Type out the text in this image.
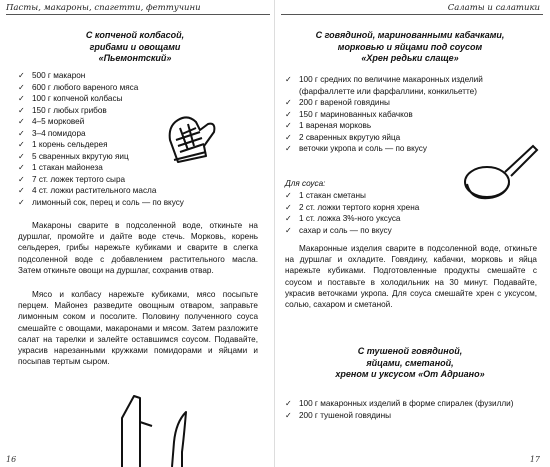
Пасты, макароны, спагетти, феттучини
С копченой колбасой,
грибами и овощами
«Пьемонтский»
✓ 500 г макарон
✓ 600 г любого вареного мяса
✓ 100 г копченой колбасы
✓ 150 г любых грибов
✓ 4–5 морковей
✓ 3–4 помидора
✓ 1 корень сельдерея
✓ 5 сваренных вкрутую яиц
✓ 1 стакан майонеза
✓ 7 ст. ложек тертого сыра
✓ 4 ст. ложки растительного масла
✓ лимонный сок, перец и соль — по вкусу

Макароны сварите в подсоленной воде, откиньте на дуршлаг, промойте и дайте воде стечь. Морковь, корень сельдерея, грибы нарежьте кубиками и сварите в слегка подсоленной воде с добавлением растительного масла. Затем откиньте овощи на дуршлаг, сохранив отвар.

Мясо и колбасу нарежьте кубиками, мясо посыпьте перцем. Майонез разведите овощным отваром, заправьте лимонным соком и посолите. Половину полученного соуса смешайте с овощами, макаронами и мясом. Затем разложите салат на тарелки и залейте оставшимся соусом. Подавайте, украсив нарезанными кружками помидорами и яйцами и посыпав тертым сыром.

16
Салаты и салатики
С говядиной, маринованными кабачками,
морковью и яйцами под соусом
«Хрен редьки слаще»
✓ 100 г средних по величине макаронных изделий (фарфаллетте или фарфаллини, конкильетте)
✓ 200 г вареной говядины
✓ 150 г маринованных кабачков
✓ 1 вареная морковь
✓ 2 сваренных вкрутую яйца
✓ веточки укропа и соль — по вкусу
Для соуса:
✓ 1 стакан сметаны
✓ 2 ст. ложки тертого корня хрена
✓ 1 ст. ложка 3%-ного уксуса
✓ сахар и соль — по вкусу

Макаронные изделия сварите в подсоленной воде, откиньте на дуршлаг и охладите. Говядину, кабачки, морковь и яйца нарежьте кубиками. Подготовленные продукты смешайте с соусом и поставьте в холодильник на 30 минут. Подавайте, украсив веточками укропа. Для соуса смешайте хрен с уксусом, солью, сахаром и сметаной.

С тушеной говядиной,
яйцами, сметаной,
хреном и уксусом «От Адриано»
✓ 100 г макаронных изделий в форме спиралек (фузилли)
✓ 200 г тушеной говядины
17
